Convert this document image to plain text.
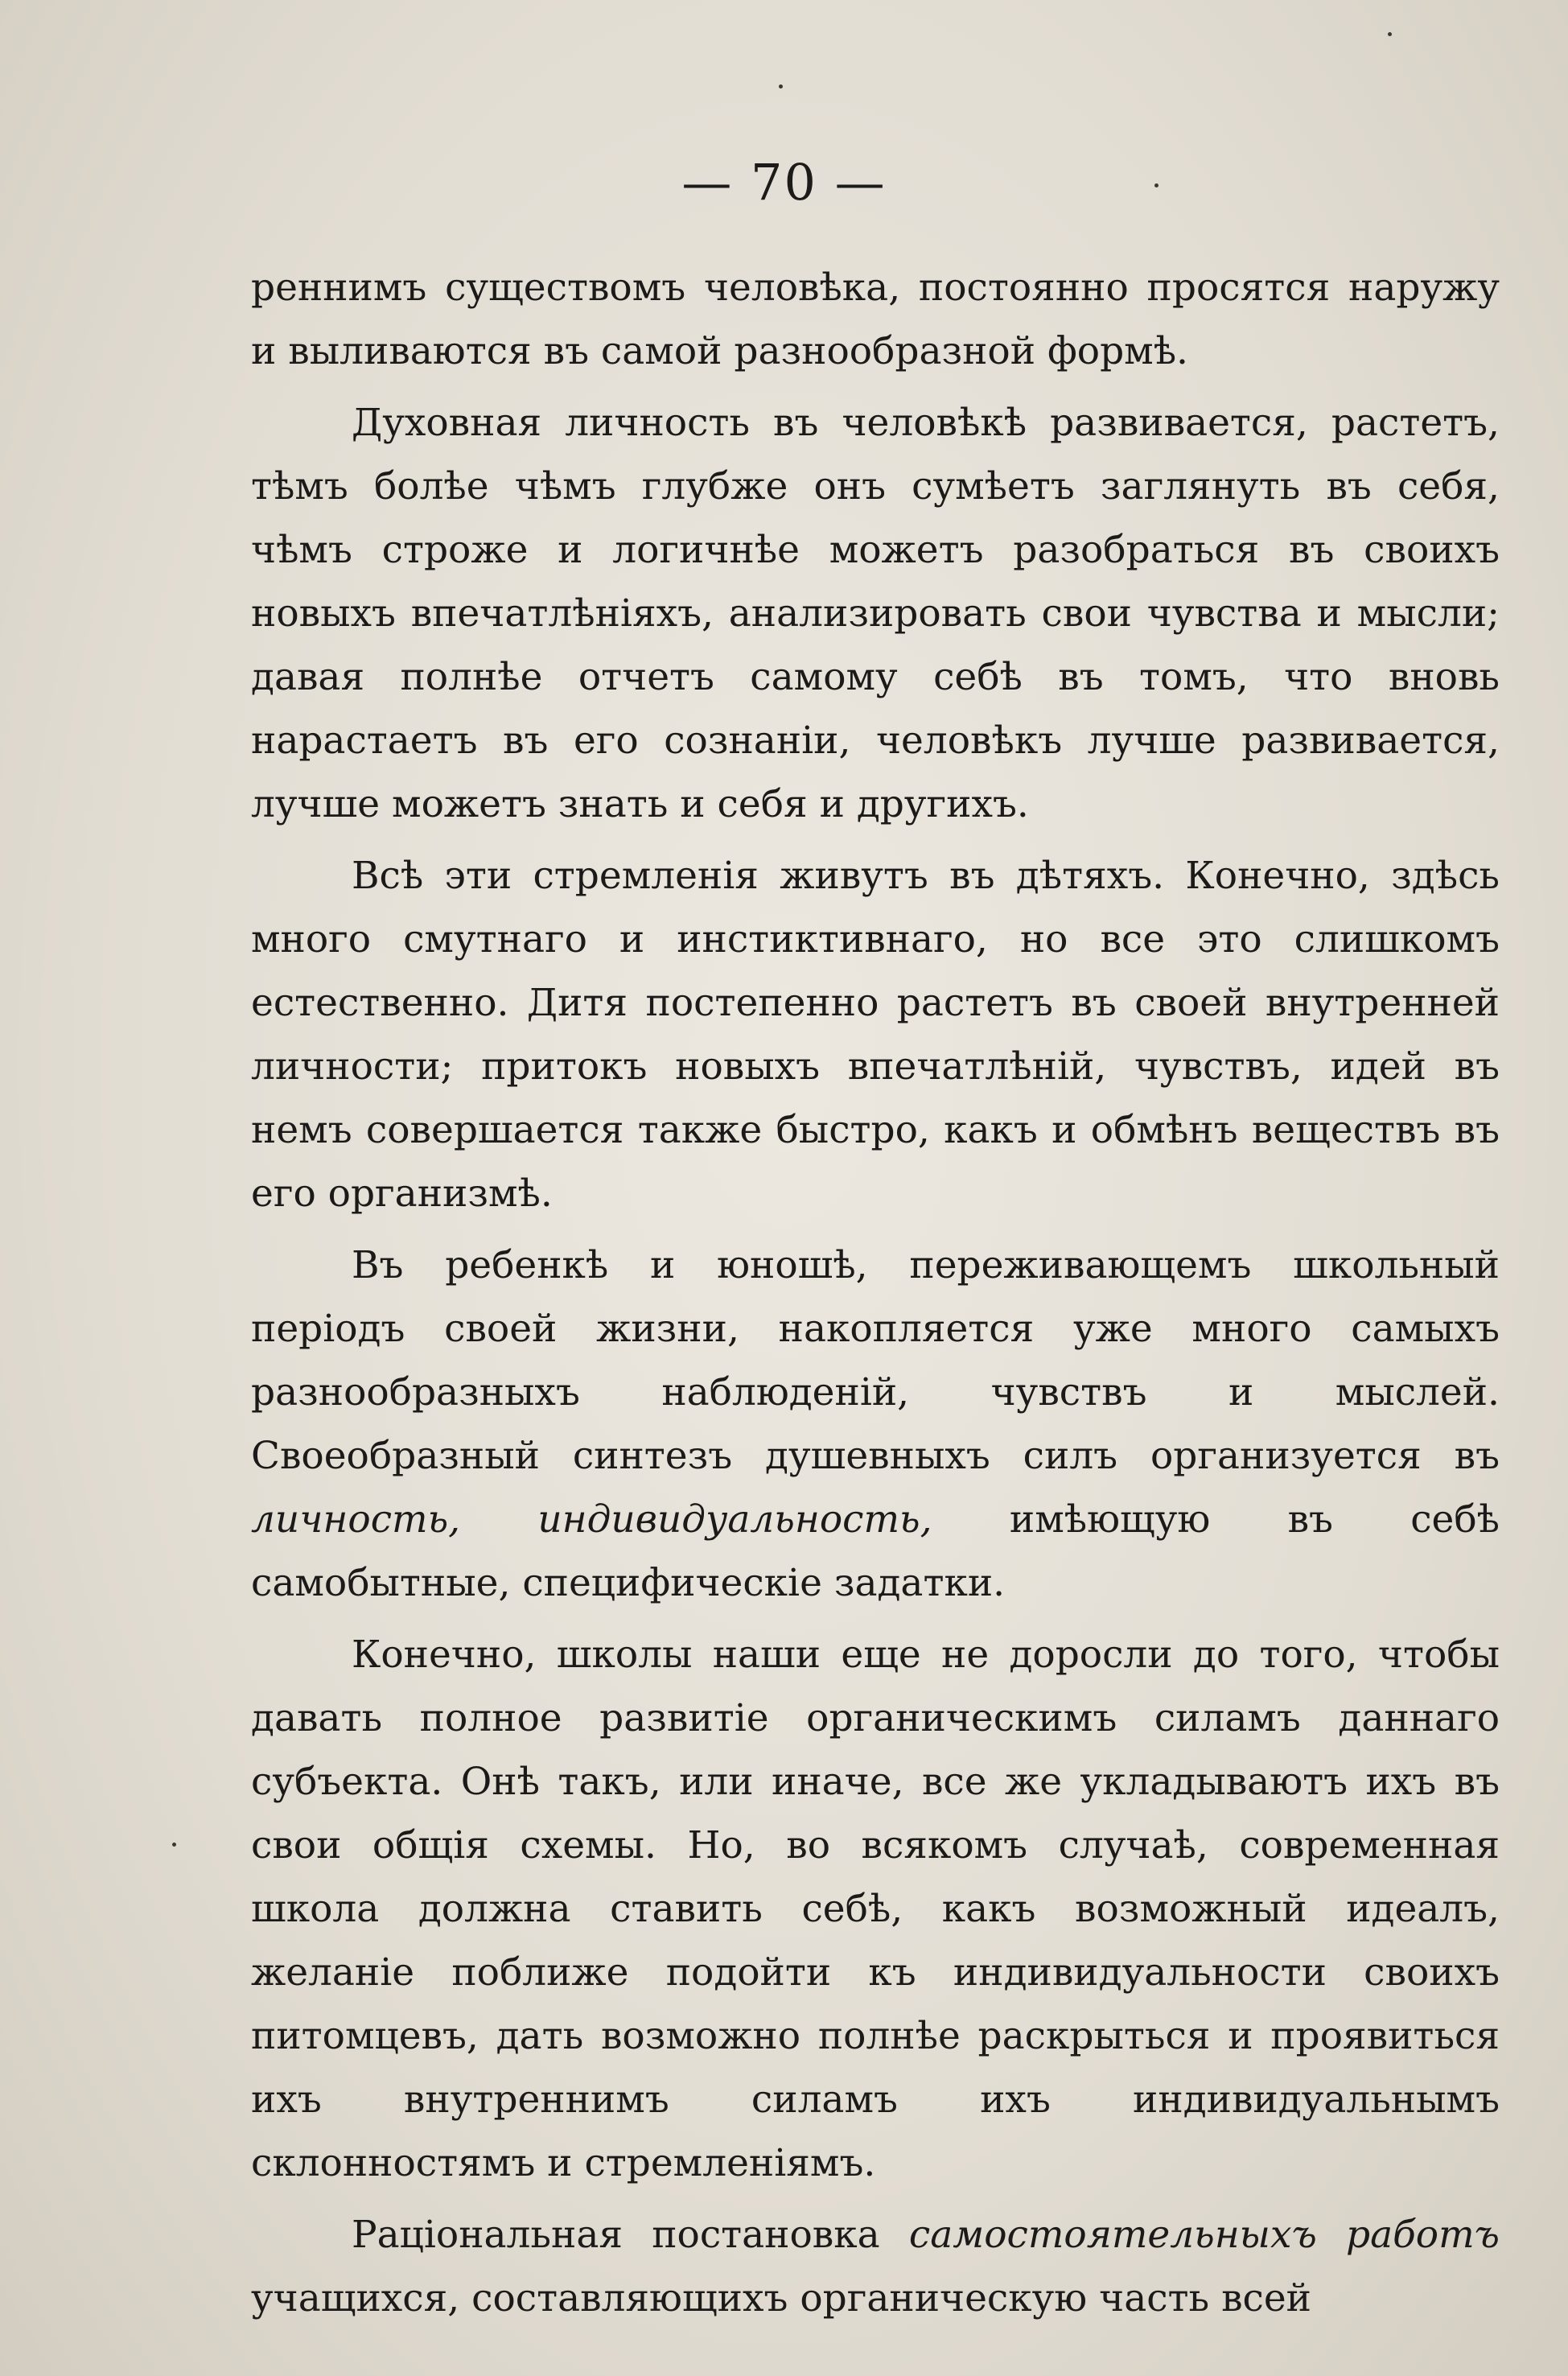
— 70 —

реннимъ существомъ человѣка, постоянно просятся наружу и выливаются въ самой разнообразной формѣ.

Духовная личность въ человѣкѣ развивается, растетъ, тѣмъ болѣе чѣмъ глубже онъ сумѣетъ заглянуть въ себя, чѣмъ строже и логичнѣе можетъ разобраться въ своихъ новыхъ впечатлѣніяхъ, анализировать свои чувства и мысли; давая полнѣе отчетъ самому себѣ въ томъ, что вновь нарастаетъ въ его сознаніи, человѣкъ лучше развивается, лучше можетъ знать и себя и другихъ.

Всѣ эти стремленія живутъ въ дѣтяхъ. Конечно, здѣсь много смутнаго и инстиктивнаго, но все это слишкомъ естественно. Дитя постепенно растетъ въ своей внутренней личности; притокъ новыхъ впечатлѣній, чувствъ, идей въ немъ совершается также быстро, какъ и обмѣнъ веществъ въ его организмѣ.

Въ ребенкѣ и юношѣ, переживающемъ школьный періодъ своей жизни, накопляется уже много самыхъ разнообразныхъ наблюденій, чувствъ и мыслей. Своеобразный синтезъ душевныхъ силъ организуется въ личность, индивидуальность, имѣющую въ себѣ самобытные, специфическіе задатки.

Конечно, школы наши еще не доросли до того, чтобы давать полное развитіе органическимъ силамъ даннаго субъекта. Онѣ такъ, или иначе, все же укладываютъ ихъ въ свои общія схемы. Но, во всякомъ случаѣ, современная школа должна ставить себѣ, какъ возможный идеалъ, желаніе поближе подойти къ индивидуальности своихъ питомцевъ, дать возможно полнѣе раскрыться и проявиться ихъ внутреннимъ силамъ ихъ индивидуальнымъ склонностямъ и стремленіямъ.

Раціональная постановка самостоятельныхъ работъ учащихся, составляющихъ органическую часть всей
